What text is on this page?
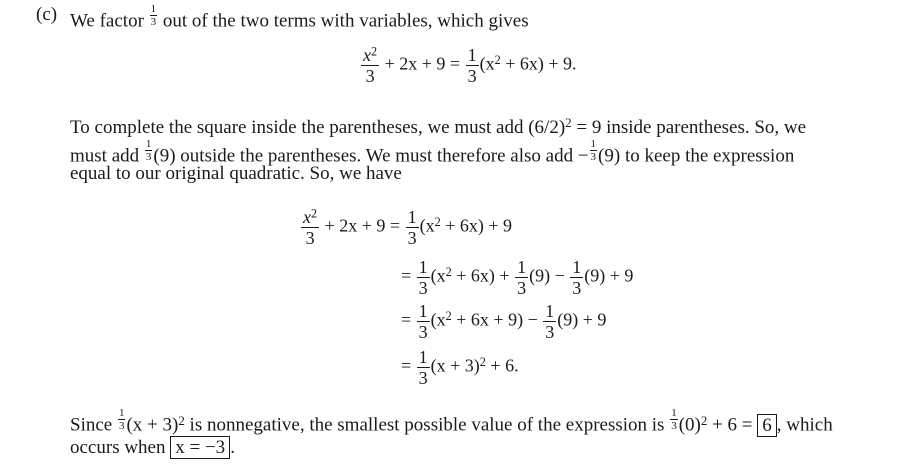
(c) We factor $\frac{1}{3}$ out of the two terms with variables, which gives
$\frac{x^2}{3} + 2x + 9 = \frac{1}{3} (x^2 + 6x) + 9$.
To complete the square inside the parentheses, we must add $(6/2)^2 = 9$ inside parentheses. So, we
must add $\frac{1}{3} (9)$ outside the parentheses. We must therefore also add − $\frac{1}{3} (9)$ to keep the expression
equal to our original quadratic. So, we have
$\frac{x^2}{3} + 2x + 9 = \frac{1}{3} (x^2 + 6x) + 9$
= $\frac{1}{3} (x^2 + 6x) + \frac{1}{3} (9) - \frac{1}{3} (9) + 9$
= $\frac{1}{3} (x^2 + 6x + 9) - \frac{1}{3} (9) + 9$
= $\frac{1}{3} (x + 3)^2 + 6$.
Since $\frac{1}{3} (x + 3)^2$ is nonnegative, the smallest possible value of the expression is $\frac{1}{3} (0)^2 + 6 = 6$ , which
occurs when x = −3 .
